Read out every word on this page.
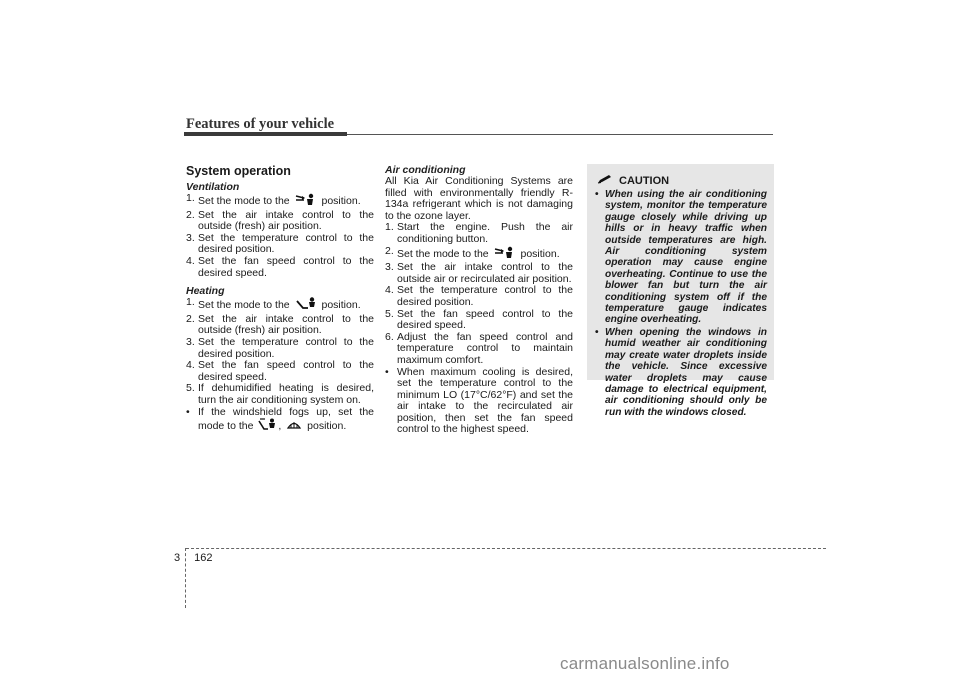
Features of your vehicle
System operation
Ventilation
1. Set the mode to the	position.
2. Set the air intake control to the outside (fresh) air position.
3. Set the temperature control to the desired position.
4. Set the fan speed control to the desired speed.
Heating
1. Set the mode to the	position.
2. Set the air intake control to the outside (fresh) air position.
3. Set the temperature control to the desired position.
4. Set the fan speed control to the desired speed.
5. If dehumidified heating is desired, turn the air conditioning system on.
• If the windshield fogs up, set the mode to the , position.
Air conditioning
All Kia Air Conditioning Systems are filled with environmentally friendly R-134a refrigerant which is not damaging to the ozone layer.
1. Start the engine. Push the air conditioning button.
2. Set the mode to the	position.
3. Set the air intake control to the outside air or recirculated air position.
4. Set the temperature control to the desired position.
5. Set the fan speed control to the desired speed.
6. Adjust the fan speed control and temperature control to maintain maximum comfort.
• When maximum cooling is desired, set the temperature control to the minimum LO (17°C/62°F) and set the air intake to the recirculated air position, then set the fan speed control to the highest speed.
CAUTION
• When using the air conditioning system, monitor the temperature gauge closely while driving up hills or in heavy traffic when outside temperatures are high. Air conditioning system operation may cause engine overheating. Continue to use the blower fan but turn the air conditioning system off if the temperature gauge indicates engine overheating.
• When opening the windows in humid weather air conditioning may create water droplets inside the vehicle. Since excessive water droplets may cause damage to electrical equipment, air conditioning should only be run with the windows closed.
3 162
carmanualsonline.info
